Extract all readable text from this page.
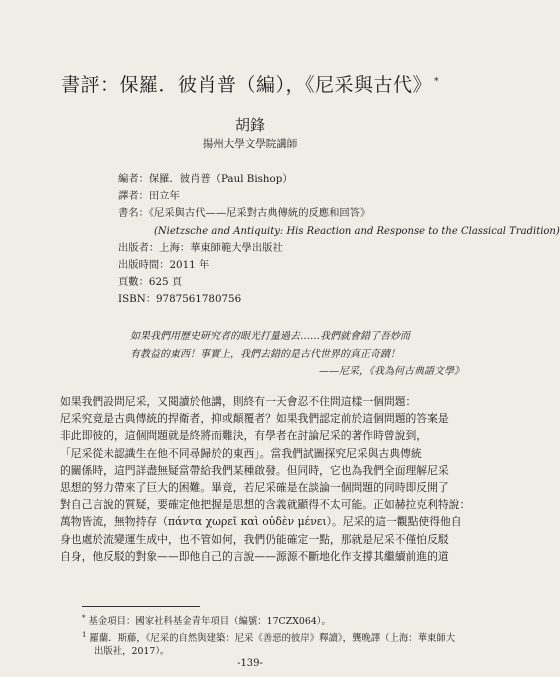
書評：保羅．彼肖普（編），《尼采與古代》 *
胡鋒
揚州大學文學院講師
編者：保羅．彼肖普（Paul Bishop）
譯者：田立年
書名：《尼采與古代——尼采對古典傳統的反應和回答》
(Nietzsche and Antiquity: His Reaction and Response to the Classical Tradition)
出版者：上海：華東師範大學出版社
出版時間：2011 年
頁數：625 頁
ISBN：9787561780756
如果我們用歷史研究者的眼光打量過去……我們就會錯了吾妙而
有教益的東西！事實上，我們去錯的是古代世界的真正奇蹟！
——尼采，《我為何古典語文學》
如果我們設問尼采，又閱讀於他講，則終有一天會忍不住問這樣一個問題：
尼采究竟是古典傳統的捍衛者，抑或顛覆者？如果我們認定前於這個問題的答案是
非此即彼的，這個問題就是終將而難決，有學者在討論尼采的著作時曾說到，
「尼采從未認識生在他不同尋歸於的東西」。當我們試圖探究尼采與古典傳統
的關係時，這門詳盡無疑當帶給我們某種啟發。但同時，它也為我們全面理解尼采
思想的努力帶來了巨大的困難。畢竟，若尼采確是在談論一個問題的同時即反開了
對自己言說的質疑，要確定他把握是思想的含義就顯得不太可能。正如赫拉克利特說：
萬物皆流，無物持存（πάντα χωρεῖ καὶ οὐδὲν μένει）。尼采的這一觀點使得他自
身也處於流變運生成中，也不管如何，我們仍能確定一點，那就是尼采不僅怕反駁
自身，他反駁的對象——即他自己的言說——源源不斷地化作支撐其繼續前進的道
* 基金項目：國家社科基金青年項目（編號：17CZX064）。
$^1$ 羅蘭．斯藤，《尼采的自然與建築：尼采《善惡的彼岸》釋讀》，龔晚譯（上海：華東師大
出版社，2017）。
-139-
